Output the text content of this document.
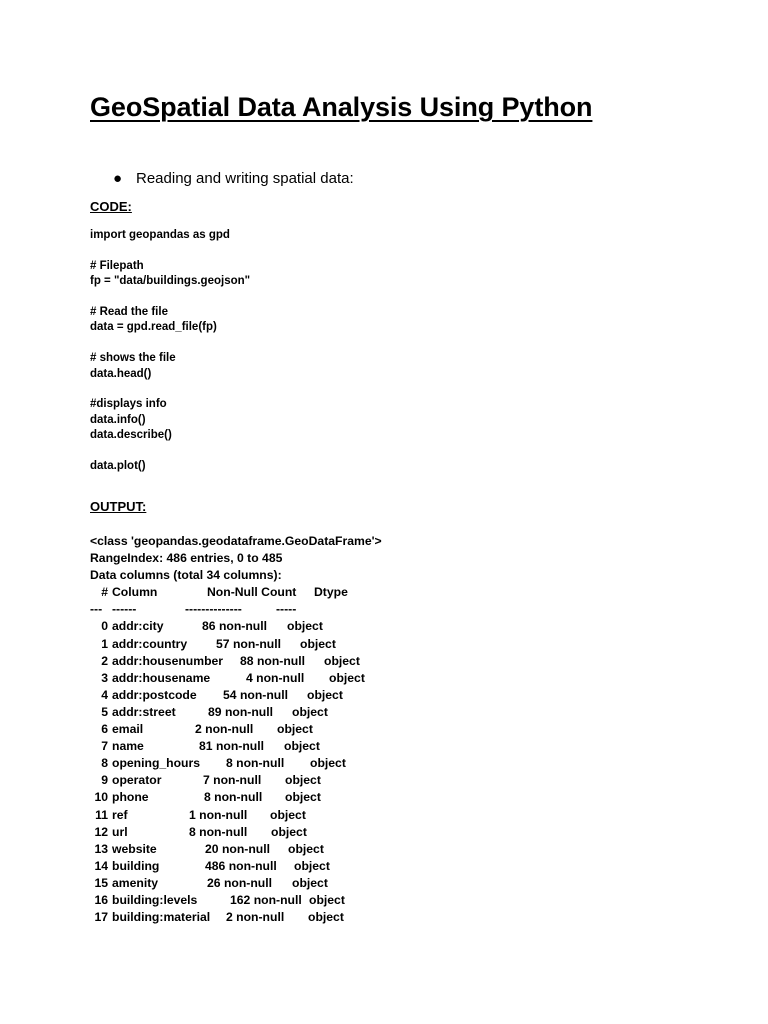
GeoSpatial Data Analysis Using Python
● Reading and writing spatial data:
CODE:
import geopandas as gpd
# Filepath
fp = "data/buildings.geojson"
# Read the file
data = gpd.read_file(fp)
# shows the file
data.head()
#displays info
data.info()
data.describe()
data.plot()
OUTPUT:
<class 'geopandas.geodataframe.GeoDataFrame'>
RangeIndex: 486 entries, 0 to 485
Data columns (total 34 columns):
# Column	Non-Null Count Dtype
--- ------	--------------	-----
0 addr:city	86 non-null object
1 addr:country 57 non-null object
2 addr:housenumber 88 non-null object
3 addr:housename	4 non-null object
4 addr:postcode 54 non-null object
5 addr:street	89 non-null object
6 email	2 non-null object
7 name	81 non-null object
8 opening_hours 8 non-null object
9 operator	7 non-null object
10 phone	8 non-null object
11 ref	1 non-null object
12 url	8 non-null object
13 website	20 non-null object
14 building	486 non-null object
15 amenity	26 non-null object
16 building:levels	162 non-null object
17 building:material 2 non-null object
